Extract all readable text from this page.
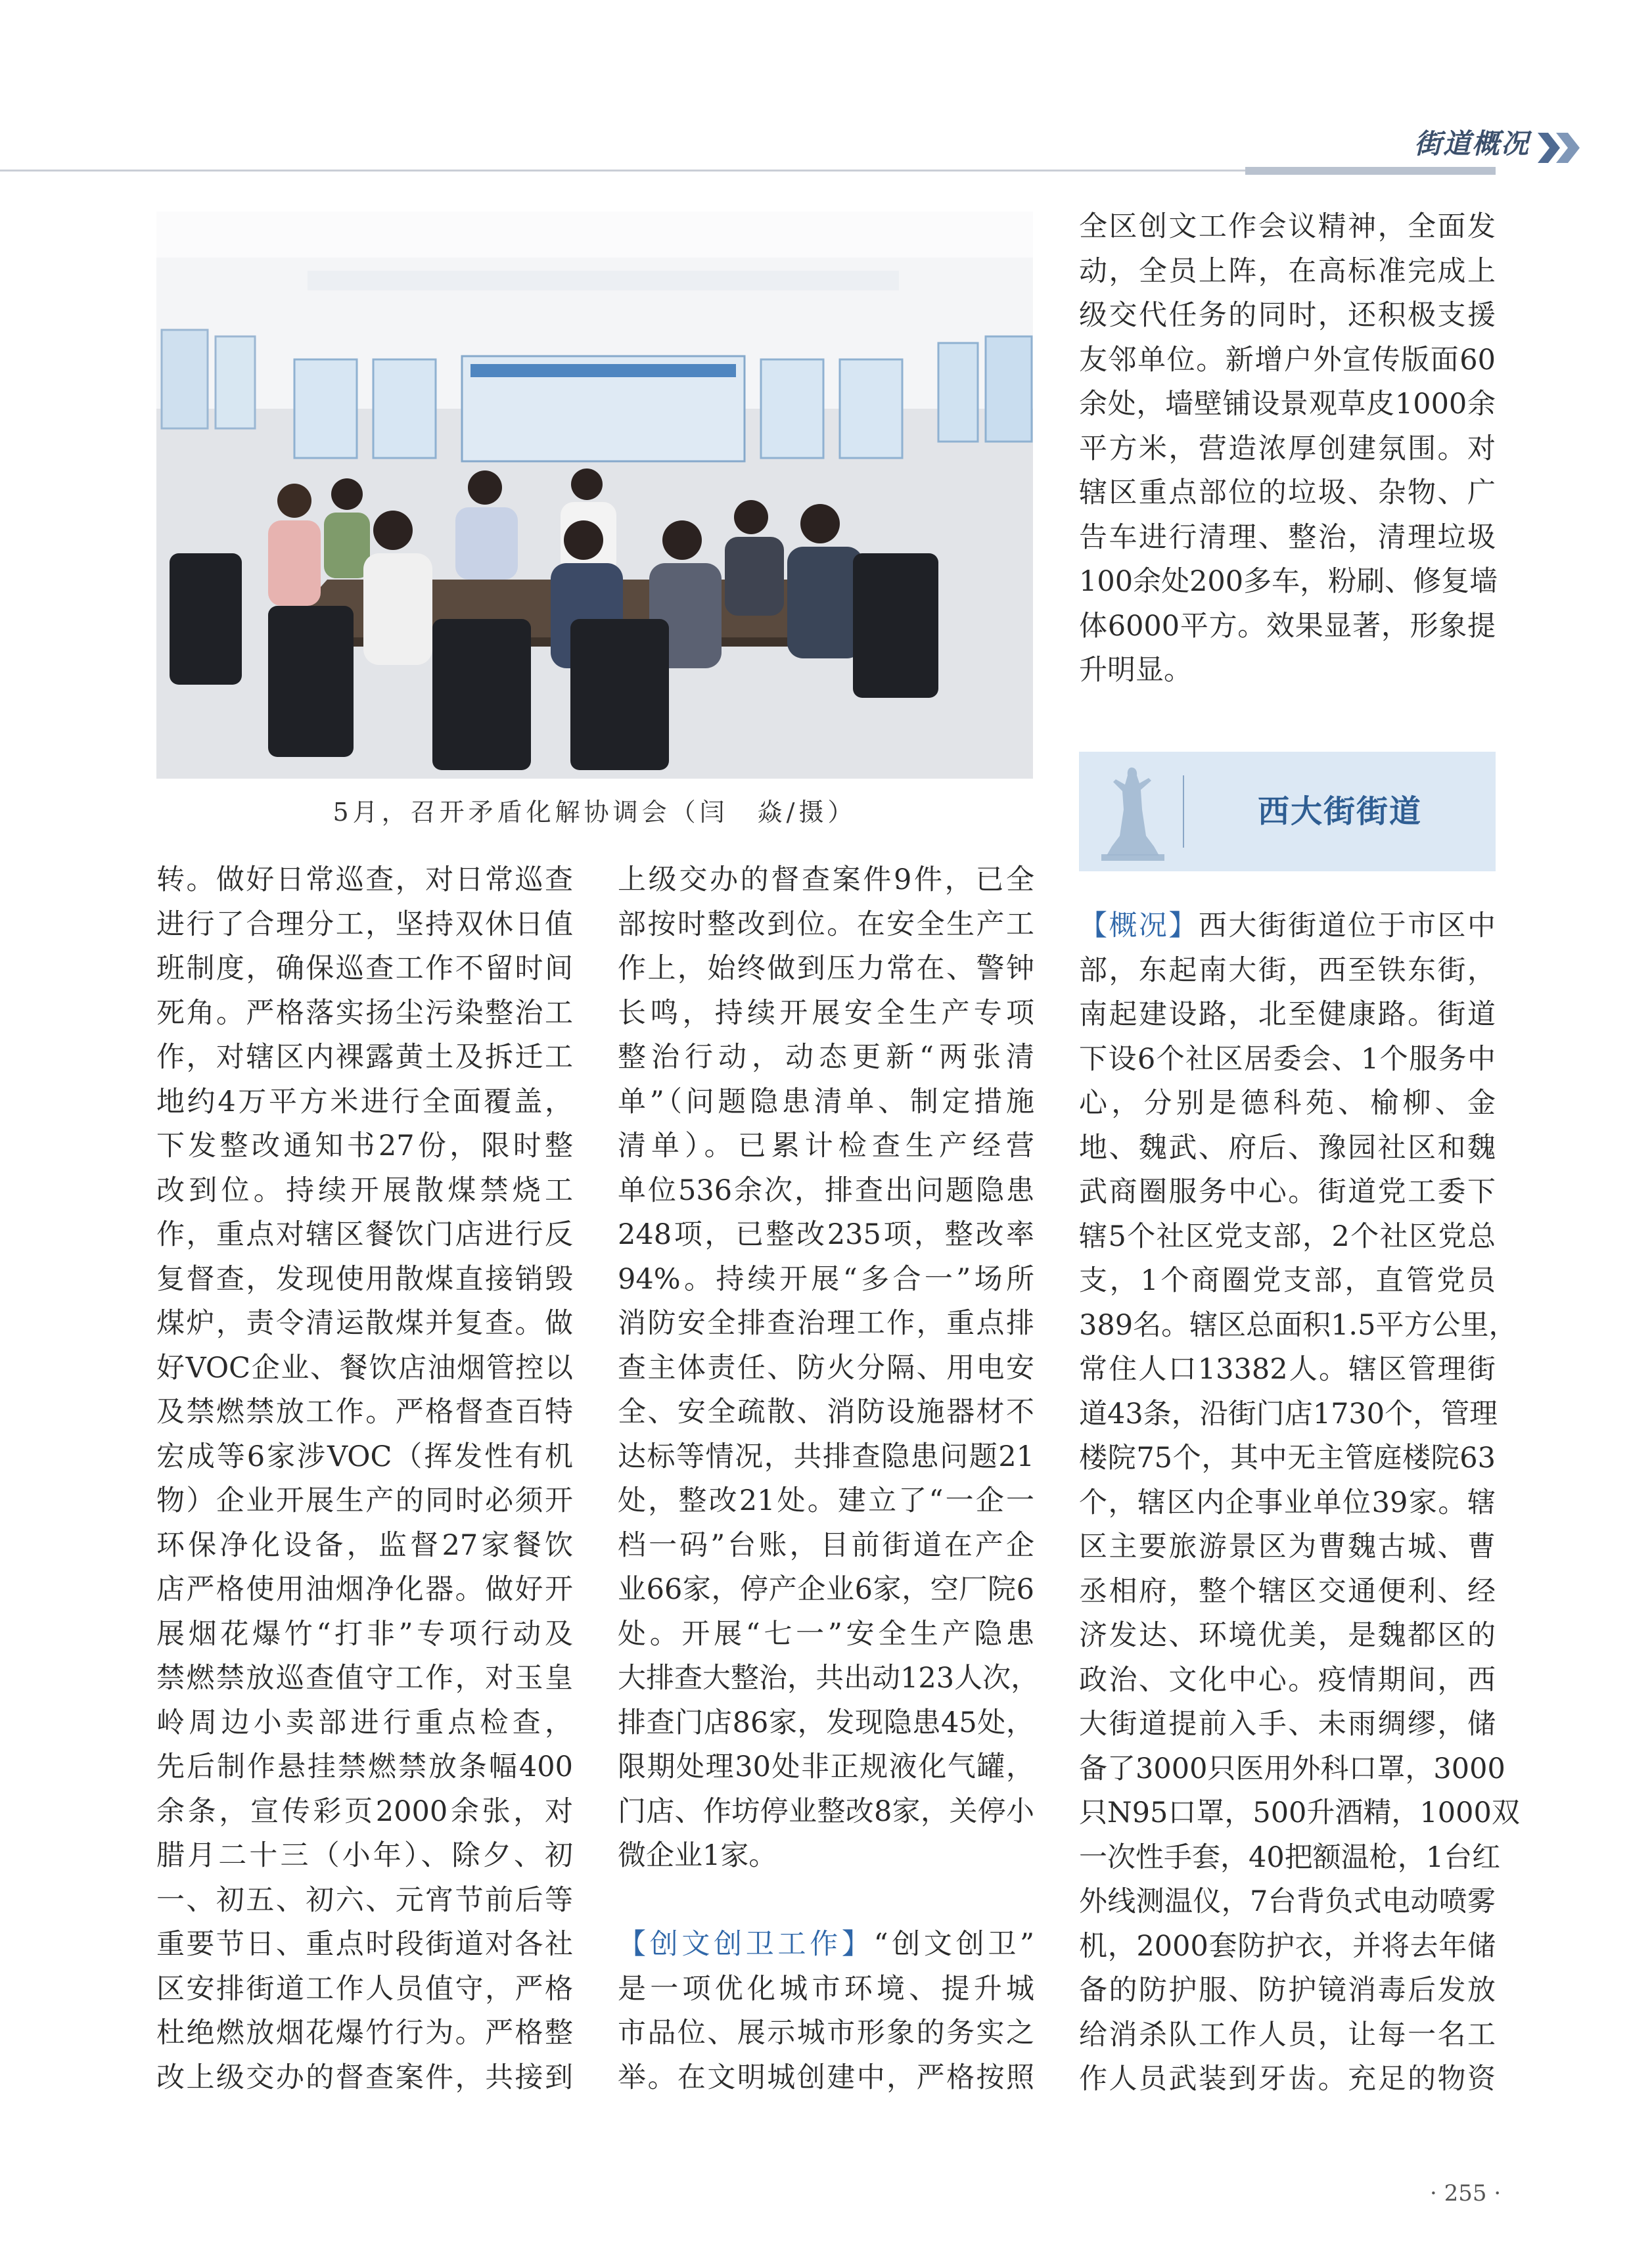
街道概况
5月，召开矛盾化解协调会（闫　焱/摄）
转。做好日常巡查，对日常巡查
进行了合理分工，坚持双休日值
班制度，确保巡查工作不留时间
死角。严格落实扬尘污染整治工
作，对辖区内裸露黄土及拆迁工
地约4万平方米进行全面覆盖，
下发整改通知书27份，限时整
改到位。持续开展散煤禁烧工
作，重点对辖区餐饮门店进行反
复督查，发现使用散煤直接销毁
煤炉，责令清运散煤并复查。做
好VOC企业、餐饮店油烟管控以
及禁燃禁放工作。严格督查百特
宏成等6家涉VOC（挥发性有机
物）企业开展生产的同时必须开
环保净化设备，监督27家餐饮
店严格使用油烟净化器。做好开
展烟花爆竹“打非”专项行动及
禁燃禁放巡查值守工作，对玉皇
岭周边小卖部进行重点检查，
先后制作悬挂禁燃禁放条幅400
余条，宣传彩页2000余张，对
腊月二十三（小年）、除夕、初
一、初五、初六、元宵节前后等
重要节日、重点时段街道对各社
区安排街道工作人员值守，严格
杜绝燃放烟花爆竹行为。严格整
改上级交办的督查案件，共接到
上级交办的督查案件9件，已全
部按时整改到位。在安全生产工
作上，始终做到压力常在、警钟
长鸣，持续开展安全生产专项
整治行动，动态更新“两张清
单”（问题隐患清单、制定措施
清单）。已累计检查生产经营
单位536余次，排查出问题隐患
248项，已整改235项，整改率
94%。持续开展“多合一”场所
消防安全排查治理工作，重点排
查主体责任、防火分隔、用电安
全、安全疏散、消防设施器材不
达标等情况，共排查隐患问题21
处，整改21处。建立了“一企一
档一码”台账，目前街道在产企
业66家，停产企业6家，空厂院6
处。开展“七一”安全生产隐患
大排查大整治，共出动123人次，
排查门店86家，发现隐患45处，
限期处理30处非正规液化气罐，
门店、作坊停业整改8家，关停小
微企业1家。

【创文创卫工作】“创文创卫”
是一项优化城市环境、提升城
市品位、展示城市形象的务实之
举。在文明城创建中，严格按照
全区创文工作会议精神，全面发
动，全员上阵，在高标准完成上
级交代任务的同时，还积极支援
友邻单位。新增户外宣传版面60
余处，墙壁铺设景观草皮1000余
平方米，营造浓厚创建氛围。对
辖区重点部位的垃圾、杂物、广
告车进行清理、整治，清理垃圾
100余处200多车，粉刷、修复墙
体6000平方。效果显著，形象提
升明显。
西大街街道
【概况】西大街街道位于市区中
部，东起南大街，西至铁东街，
南起建设路，北至健康路。街道
下设6个社区居委会、1个服务中
心，分别是德科苑、榆柳、金
地、魏武、府后、豫园社区和魏
武商圈服务中心。街道党工委下
辖5个社区党支部，2个社区党总
支，1个商圈党支部，直管党员
389名。辖区总面积1.5平方公里，
常住人口13382人。辖区管理街
道43条，沿街门店1730个，管理
楼院75个，其中无主管庭楼院63
个，辖区内企事业单位39家。辖
区主要旅游景区为曹魏古城、曹
丞相府，整个辖区交通便利、经
济发达、环境优美，是魏都区的
政治、文化中心。疫情期间，西
大街道提前入手、未雨绸缪，储
备了3000只医用外科口罩，3000
只N95口罩，500升酒精，1000双
一次性手套，40把额温枪，1台红
外线测温仪，7台背负式电动喷雾
机，2000套防护衣，并将去年储
备的防护服、防护镜消毒后发放
给消杀队工作人员，让每一名工
作人员武装到牙齿。充足的物资
· 255 ·
